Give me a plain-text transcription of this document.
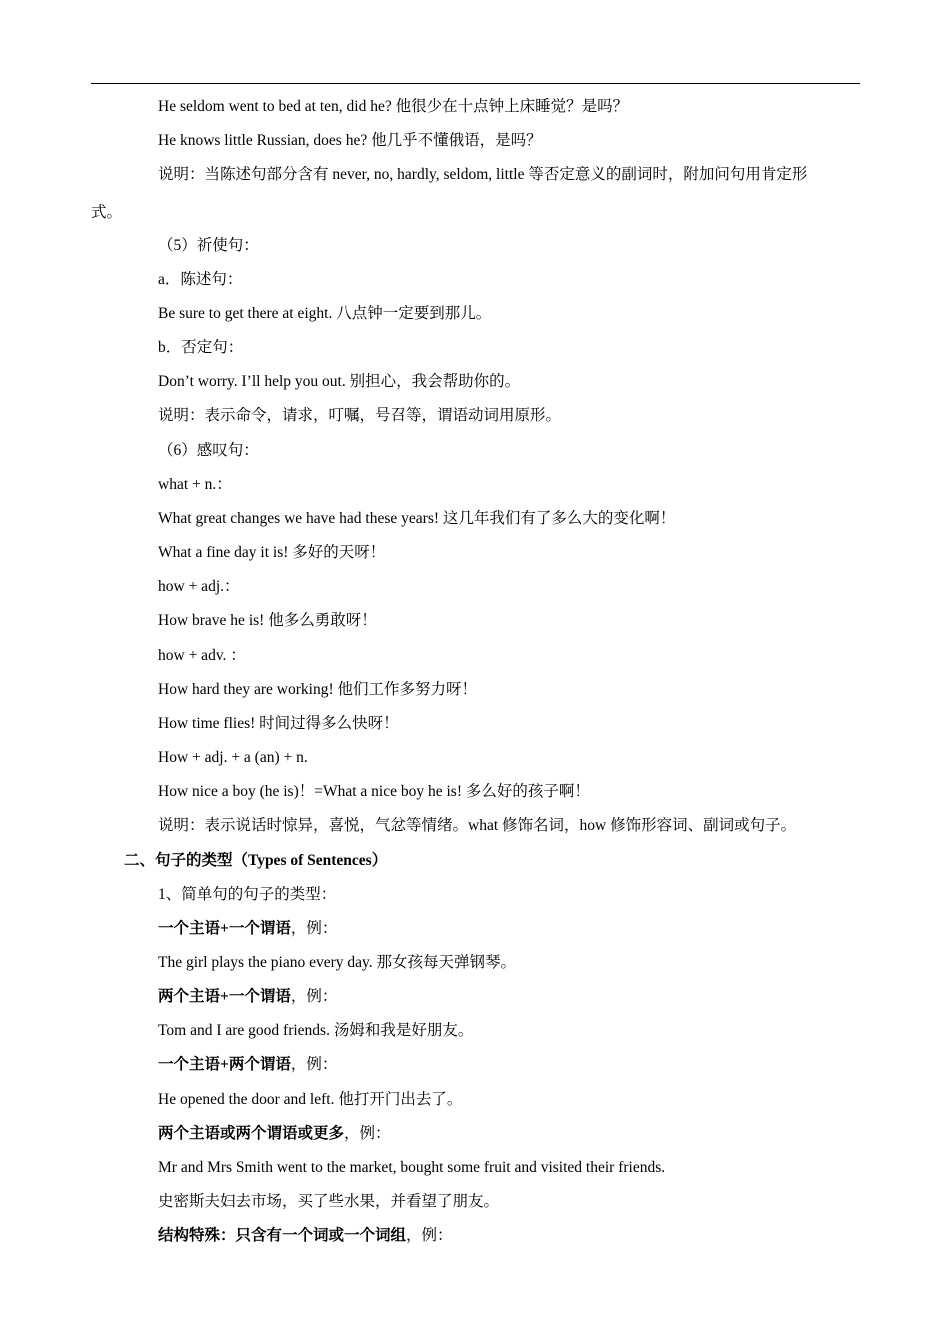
He seldom went to bed at ten, did he? 他很少在十点钟上床睡觉？是吗？
He knows little Russian, does he? 他几乎不懂俄语，是吗？
说明：当陈述句部分含有 never, no, hardly, seldom, little 等否定意义的副词时，附加问句用肯定形
式。
（5）祈使句：
a．陈述句：
Be sure to get there at eight. 八点钟一定要到那儿。
b．否定句：
Don’t worry. I’ll help you out. 别担心，我会帮助你的。
说明：表示命令，请求，叮嘱，号召等，谓语动词用原形。
（6）感叹句：
what + n.：
What great changes we have had these years! 这几年我们有了多么大的变化啊！
What a fine day it is! 多好的天呀！
how + adj.：
How brave he is! 他多么勇敢呀！
how + adv. ：
How hard they are working! 他们工作多努力呀！
How time flies! 时间过得多么快呀！
How + adj. + a (an) + n.
How nice a boy (he is)！=What a nice boy he is! 多么好的孩子啊！
说明：表示说话时惊异，喜悦，气忿等情绪。what 修饰名词，how 修饰形容词、副词或句子。
二、句子的类型（Types of Sentences）
1、简单句的句子的类型：
一个主语+一个谓语，例：
The girl plays the piano every day. 那女孩每天弹钢琴。
两个主语+一个谓语，例：
Tom and I are good friends. 汤姆和我是好朋友。
一个主语+两个谓语，例：
He opened the door and left. 他打开门出去了。
两个主语或两个谓语或更多，例：
Mr and Mrs Smith went to the market, bought some fruit and visited their friends.
史密斯夫妇去市场，买了些水果，并看望了朋友。
结构特殊：只含有一个词或一个词组，例：
